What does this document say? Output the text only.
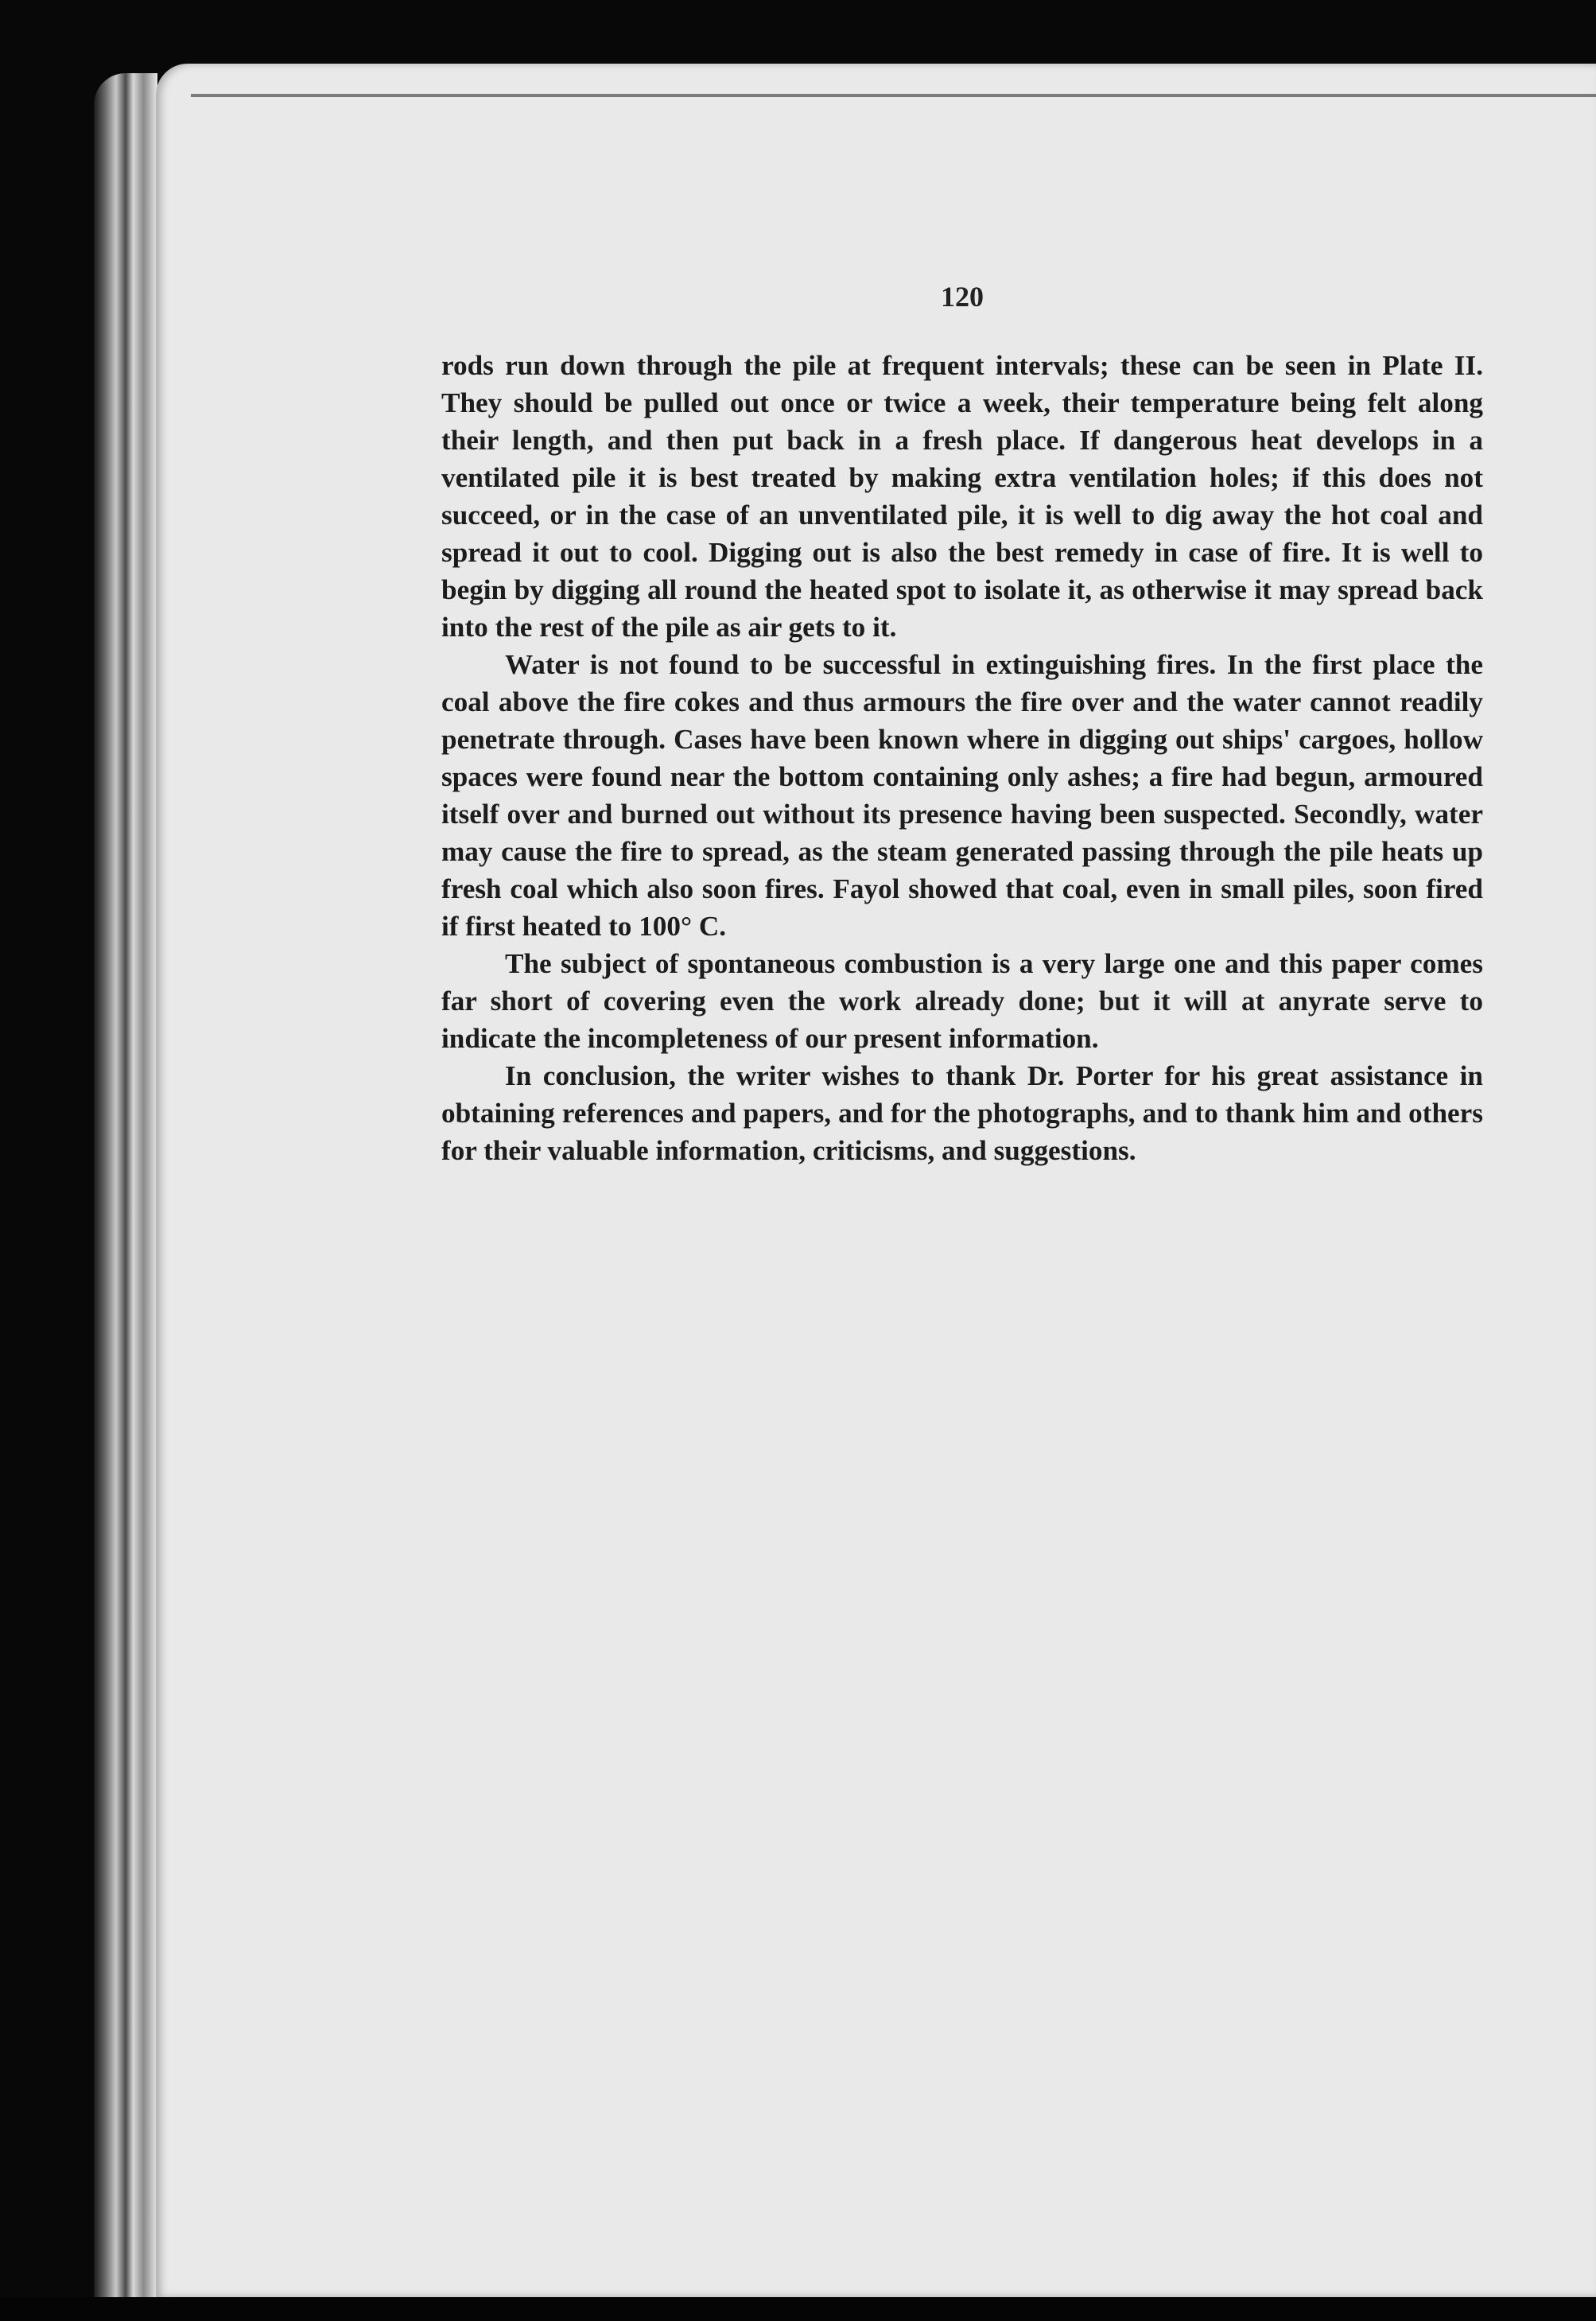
120

rods run down through the pile at frequent intervals; these can be seen in Plate II. They should be pulled out once or twice a week, their temperature being felt along their length, and then put back in a fresh place. If dangerous heat develops in a ventilated pile it is best treated by making extra ventilation holes; if this does not succeed, or in the case of an unventilated pile, it is well to dig away the hot coal and spread it out to cool. Digging out is also the best remedy in case of fire. It is well to begin by digging all round the heated spot to isolate it, as otherwise it may spread back into the rest of the pile as air gets to it.

Water is not found to be successful in extinguishing fires. In the first place the coal above the fire cokes and thus armours the fire over and the water cannot readily penetrate through. Cases have been known where in digging out ships' cargoes, hollow spaces were found near the bottom containing only ashes; a fire had begun, armoured itself over and burned out without its presence having been suspected. Secondly, water may cause the fire to spread, as the steam generated passing through the pile heats up fresh coal which also soon fires. Fayol showed that coal, even in small piles, soon fired if first heated to 100° C.

The subject of spontaneous combustion is a very large one and this paper comes far short of covering even the work already done; but it will at anyrate serve to indicate the incompleteness of our present information.

In conclusion, the writer wishes to thank Dr. Porter for his great assistance in obtaining references and papers, and for the photographs, and to thank him and others for their valuable information, criticisms, and suggestions.
